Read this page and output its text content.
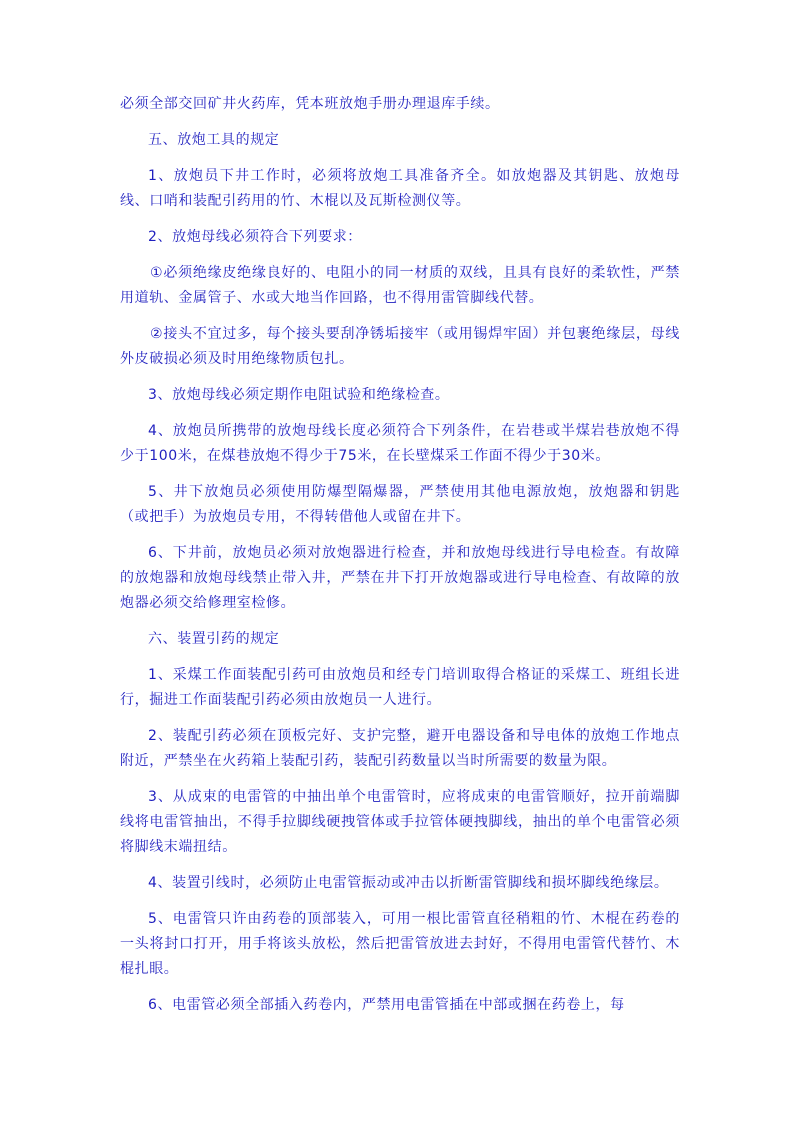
必须全部交回矿井火药库，凭本班放炮手册办理退库手续。

五、放炮工具的规定

1、放炮员下井工作时，必须将放炮工具准备齐全。如放炮器及其钥匙、放炮母线、口哨和装配引药用的竹、木棍以及瓦斯检测仪等。

2、放炮母线必须符合下列要求：

①必须绝缘皮绝缘良好的、电阻小的同一材质的双线，且具有良好的柔软性，严禁用道轨、金属管子、水或大地当作回路，也不得用雷管脚线代替。

②接头不宜过多，每个接头要刮净锈垢接牢（或用锡焊牢固）并包裹绝缘层，母线外皮破损必须及时用绝缘物质包扎。

3、放炮母线必须定期作电阻试验和绝缘检查。

4、放炮员所携带的放炮母线长度必须符合下列条件，在岩巷或半煤岩巷放炮不得少于100米，在煤巷放炮不得少于75米，在长壁煤采工作面不得少于30米。

5、井下放炮员必须使用防爆型隔爆器，严禁使用其他电源放炮，放炮器和钥匙（或把手）为放炮员专用，不得转借他人或留在井下。

6、下井前，放炮员必须对放炮器进行检查，并和放炮母线进行导电检查。有故障的放炮器和放炮母线禁止带入井，严禁在井下打开放炮器或进行导电检查、有故障的放炮器必须交给修理室检修。

六、装置引药的规定

1、采煤工作面装配引药可由放炮员和经专门培训取得合格证的采煤工、班组长进行，掘进工作面装配引药必须由放炮员一人进行。

2、装配引药必须在顶板完好、支护完整，避开电器设备和导电体的放炮工作地点附近，严禁坐在火药箱上装配引药，装配引药数量以当时所需要的数量为限。

3、从成束的电雷管的中抽出单个电雷管时，应将成束的电雷管顺好，拉开前端脚线将电雷管抽出，不得手拉脚线硬拽管体或手拉管体硬拽脚线，抽出的单个电雷管必须将脚线末端扭结。

4、装置引线时，必须防止电雷管振动或冲击以折断雷管脚线和损坏脚线绝缘层。

5、电雷管只许由药卷的顶部装入，可用一根比雷管直径稍粗的竹、木棍在药卷的一头将封口打开，用手将该头放松，然后把雷管放进去封好，不得用电雷管代替竹、木棍扎眼。

6、电雷管必须全部插入药卷内，严禁用电雷管插在中部或捆在药卷上，每
